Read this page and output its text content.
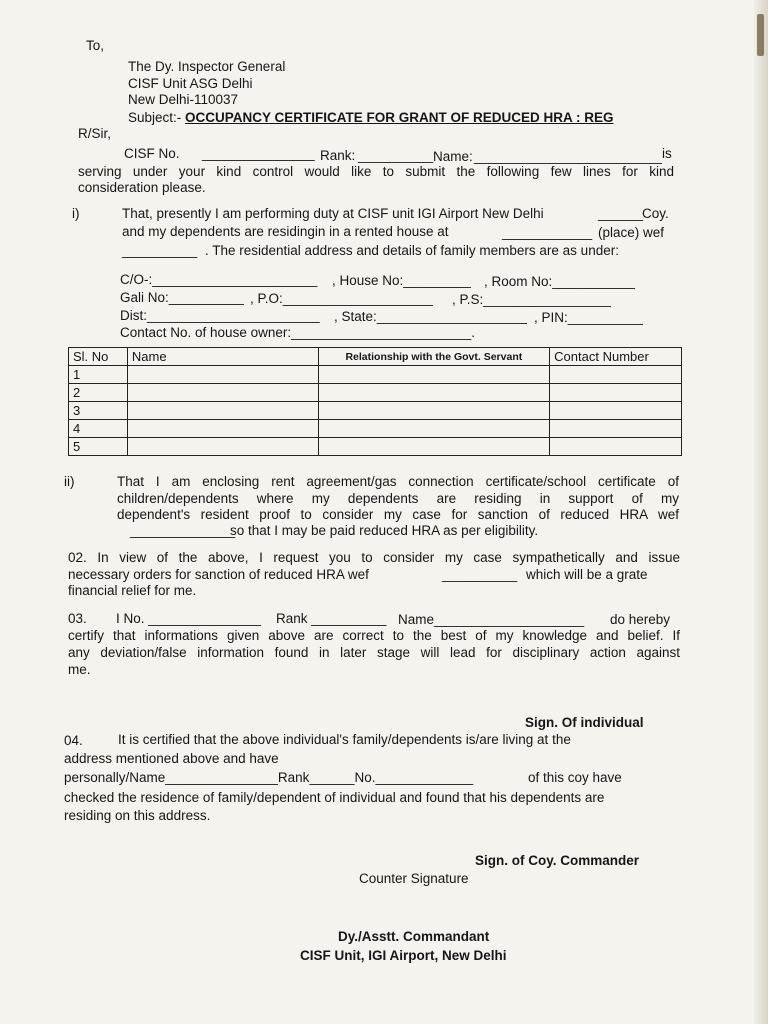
To,
The Dy. Inspector General
CISF Unit ASG Delhi
New Delhi-110037
Subject:- OCCUPANCY CERTIFICATE FOR GRANT OF REDUCED HRA : REG
R/Sir,
CISF No. _______________ Rank: __________ Name: _________________________ is
serving under your kind control would like to submit the following few lines for kind
consideration please.
i)	That, presently I am performing duty at CISF unit IGI Airport New Delhi	______
Coy.
and my dependents are residingin in a rented house at	____________ (place) wef
__________ . The residential address and details of family members are as under:
C/O-:______________________ , House No:_________ , Room No:___________
Gali No:__________ , P.O:____________________ , P.S:_________________
Dist:_______________________ , State:____________________ , PIN:__________
Contact No. of house owner:________________________.
Sl. No	Name	Relationship with the Govt. Servant	Contact Number
1			
2			
3			
4			
5			
ii)	That I am enclosing rent agreement/gas connection certificate/school certificate of
children/dependents where my dependents are residing in support of my
dependent's resident proof to consider my case for sanction of reduced HRA wef
______________
so that I may be paid reduced HRA as per eligibility.
02. In view of the above, I request you to consider my case sympathetically and issue
necessary orders for sanction of reduced HRA wef	__________ which will be a grate
financial relief for me.
03. I No. _______________ Rank __________ Name____________________ do hereby
certify that informations given above are correct to the best of my knowledge and belief. If
any deviation/false information found in later stage will lead for disciplinary action against
me.
Sign. Of individual
04.	It is certified that the above individual's family/dependents is/are living at the
address mentioned above and have
personally/Name_______________Rank______No._____________	of this coy have
checked the residence of family/dependent of individual and found that his dependents are
residing on this address.
Sign. of Coy. Commander
Counter Signature
Dy./Asstt. Commandant
CISF Unit, IGI Airport, New Delhi
